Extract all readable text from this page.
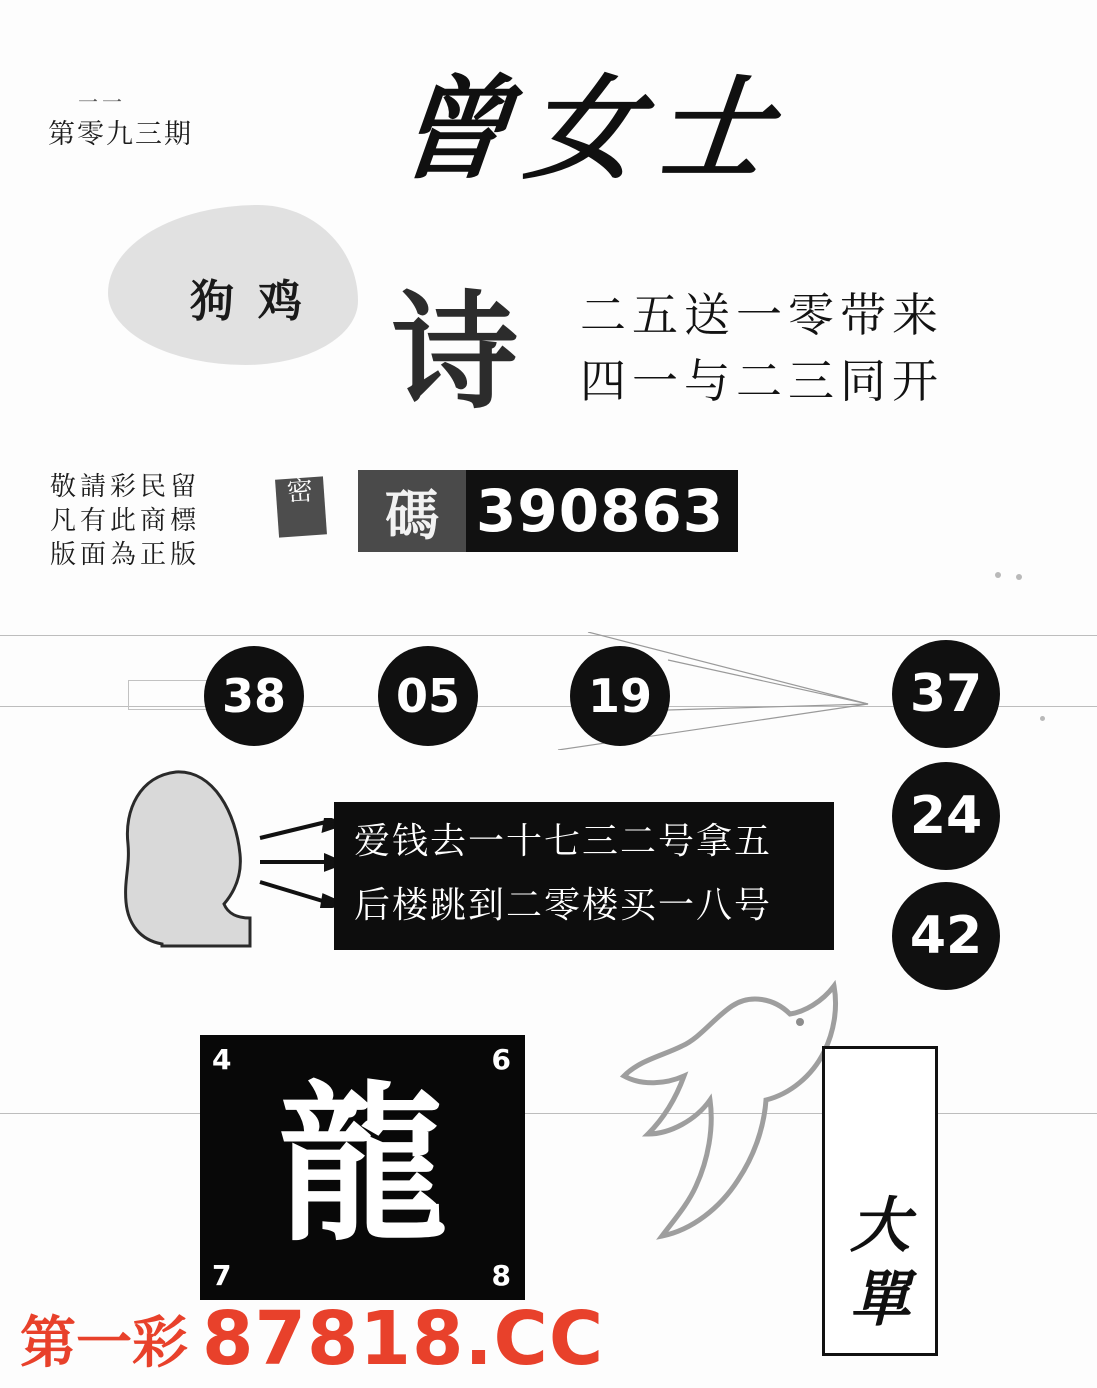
一一
第零九三期 曾女士
狗 鸡 诗 二五送一零带来
四一与二三同开
留
標
版
民
商
正
彩
此
為
請
有
面
敬
凡
版
密	碼 390863
38	05	19	37
24
42
爱钱去一十七三二号拿五
后楼跳到二零楼买一八号
4	6
7	8
龍	大
單
第一彩 87818.CC
